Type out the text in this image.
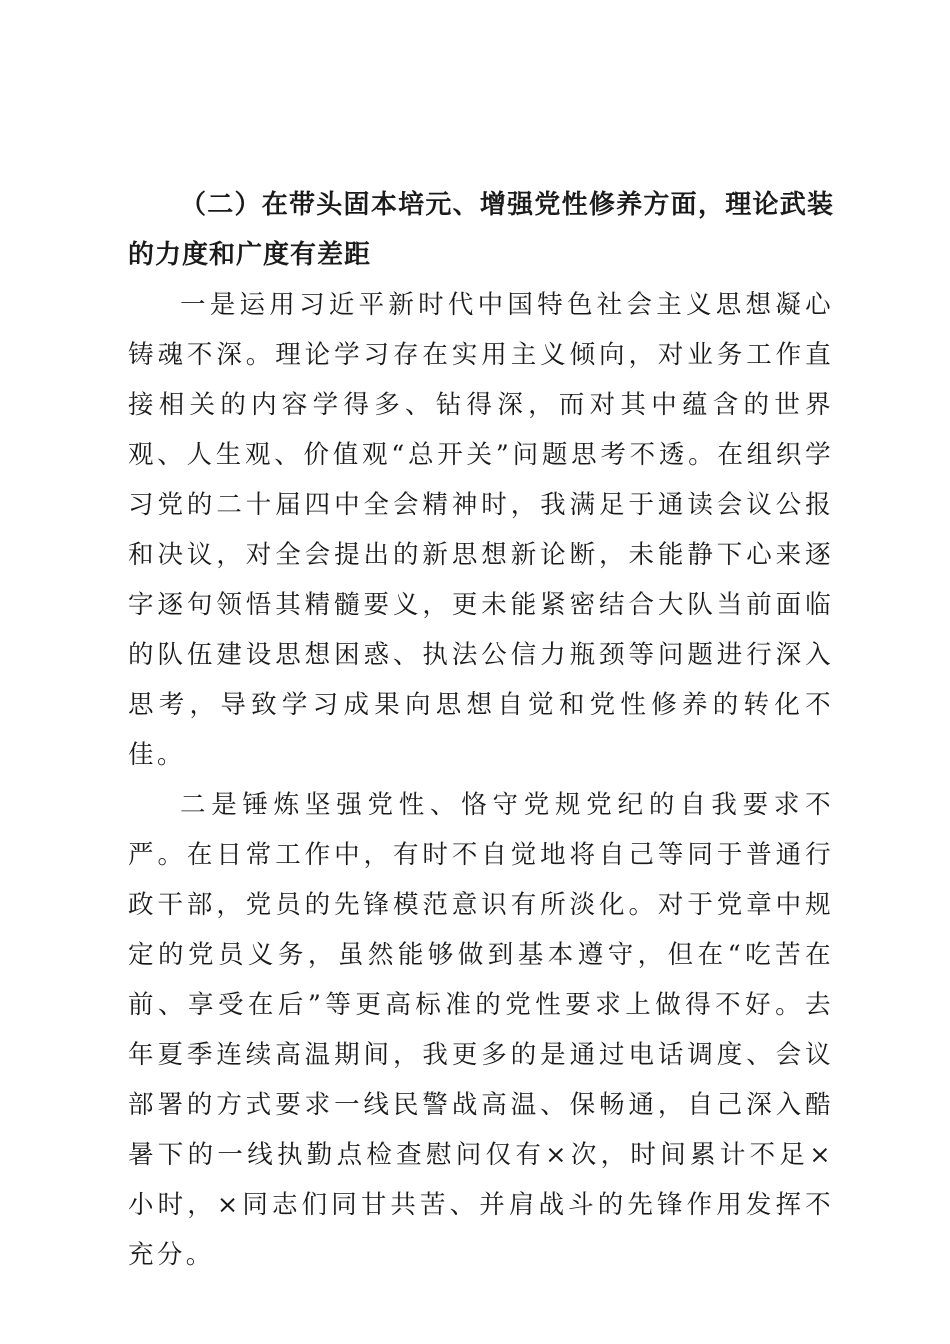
（二）在带头固本培元、增强党性修养方面，理论武装的力度和广度有差距

一是运用习近平新时代中国特色社会主义思想凝心铸魂不深。理论学习存在实用主义倾向，对业务工作直接相关的内容学得多、钻得深，而对其中蕴含的世界观、人生观、价值观“总开关”问题思考不透。在组织学习党的二十届四中全会精神时，我满足于通读会议公报和决议，对全会提出的新思想新论断，未能静下心来逐字逐句领悟其精髓要义，更未能紧密结合大队当前面临的队伍建设思想困惑、执法公信力瓶颈等问题进行深入思考，导致学习成果向思想自觉和党性修养的转化不佳。

二是锤炼坚强党性、恪守党规党纪的自我要求不严。在日常工作中，有时不自觉地将自己等同于普通行政干部，党员的先锋模范意识有所淡化。对于党章中规定的党员义务，虽然能够做到基本遵守，但在“吃苦在前、享受在后”等更高标准的党性要求上做得不好。去年夏季连续高温期间，我更多的是通过电话调度、会议部署的方式要求一线民警战高温、保畅通，自己深入酷暑下的一线执勤点检查慰问仅有×次，时间累计不足×小时，×同志们同甘共苦、并肩战斗的先锋作用发挥不充分。
